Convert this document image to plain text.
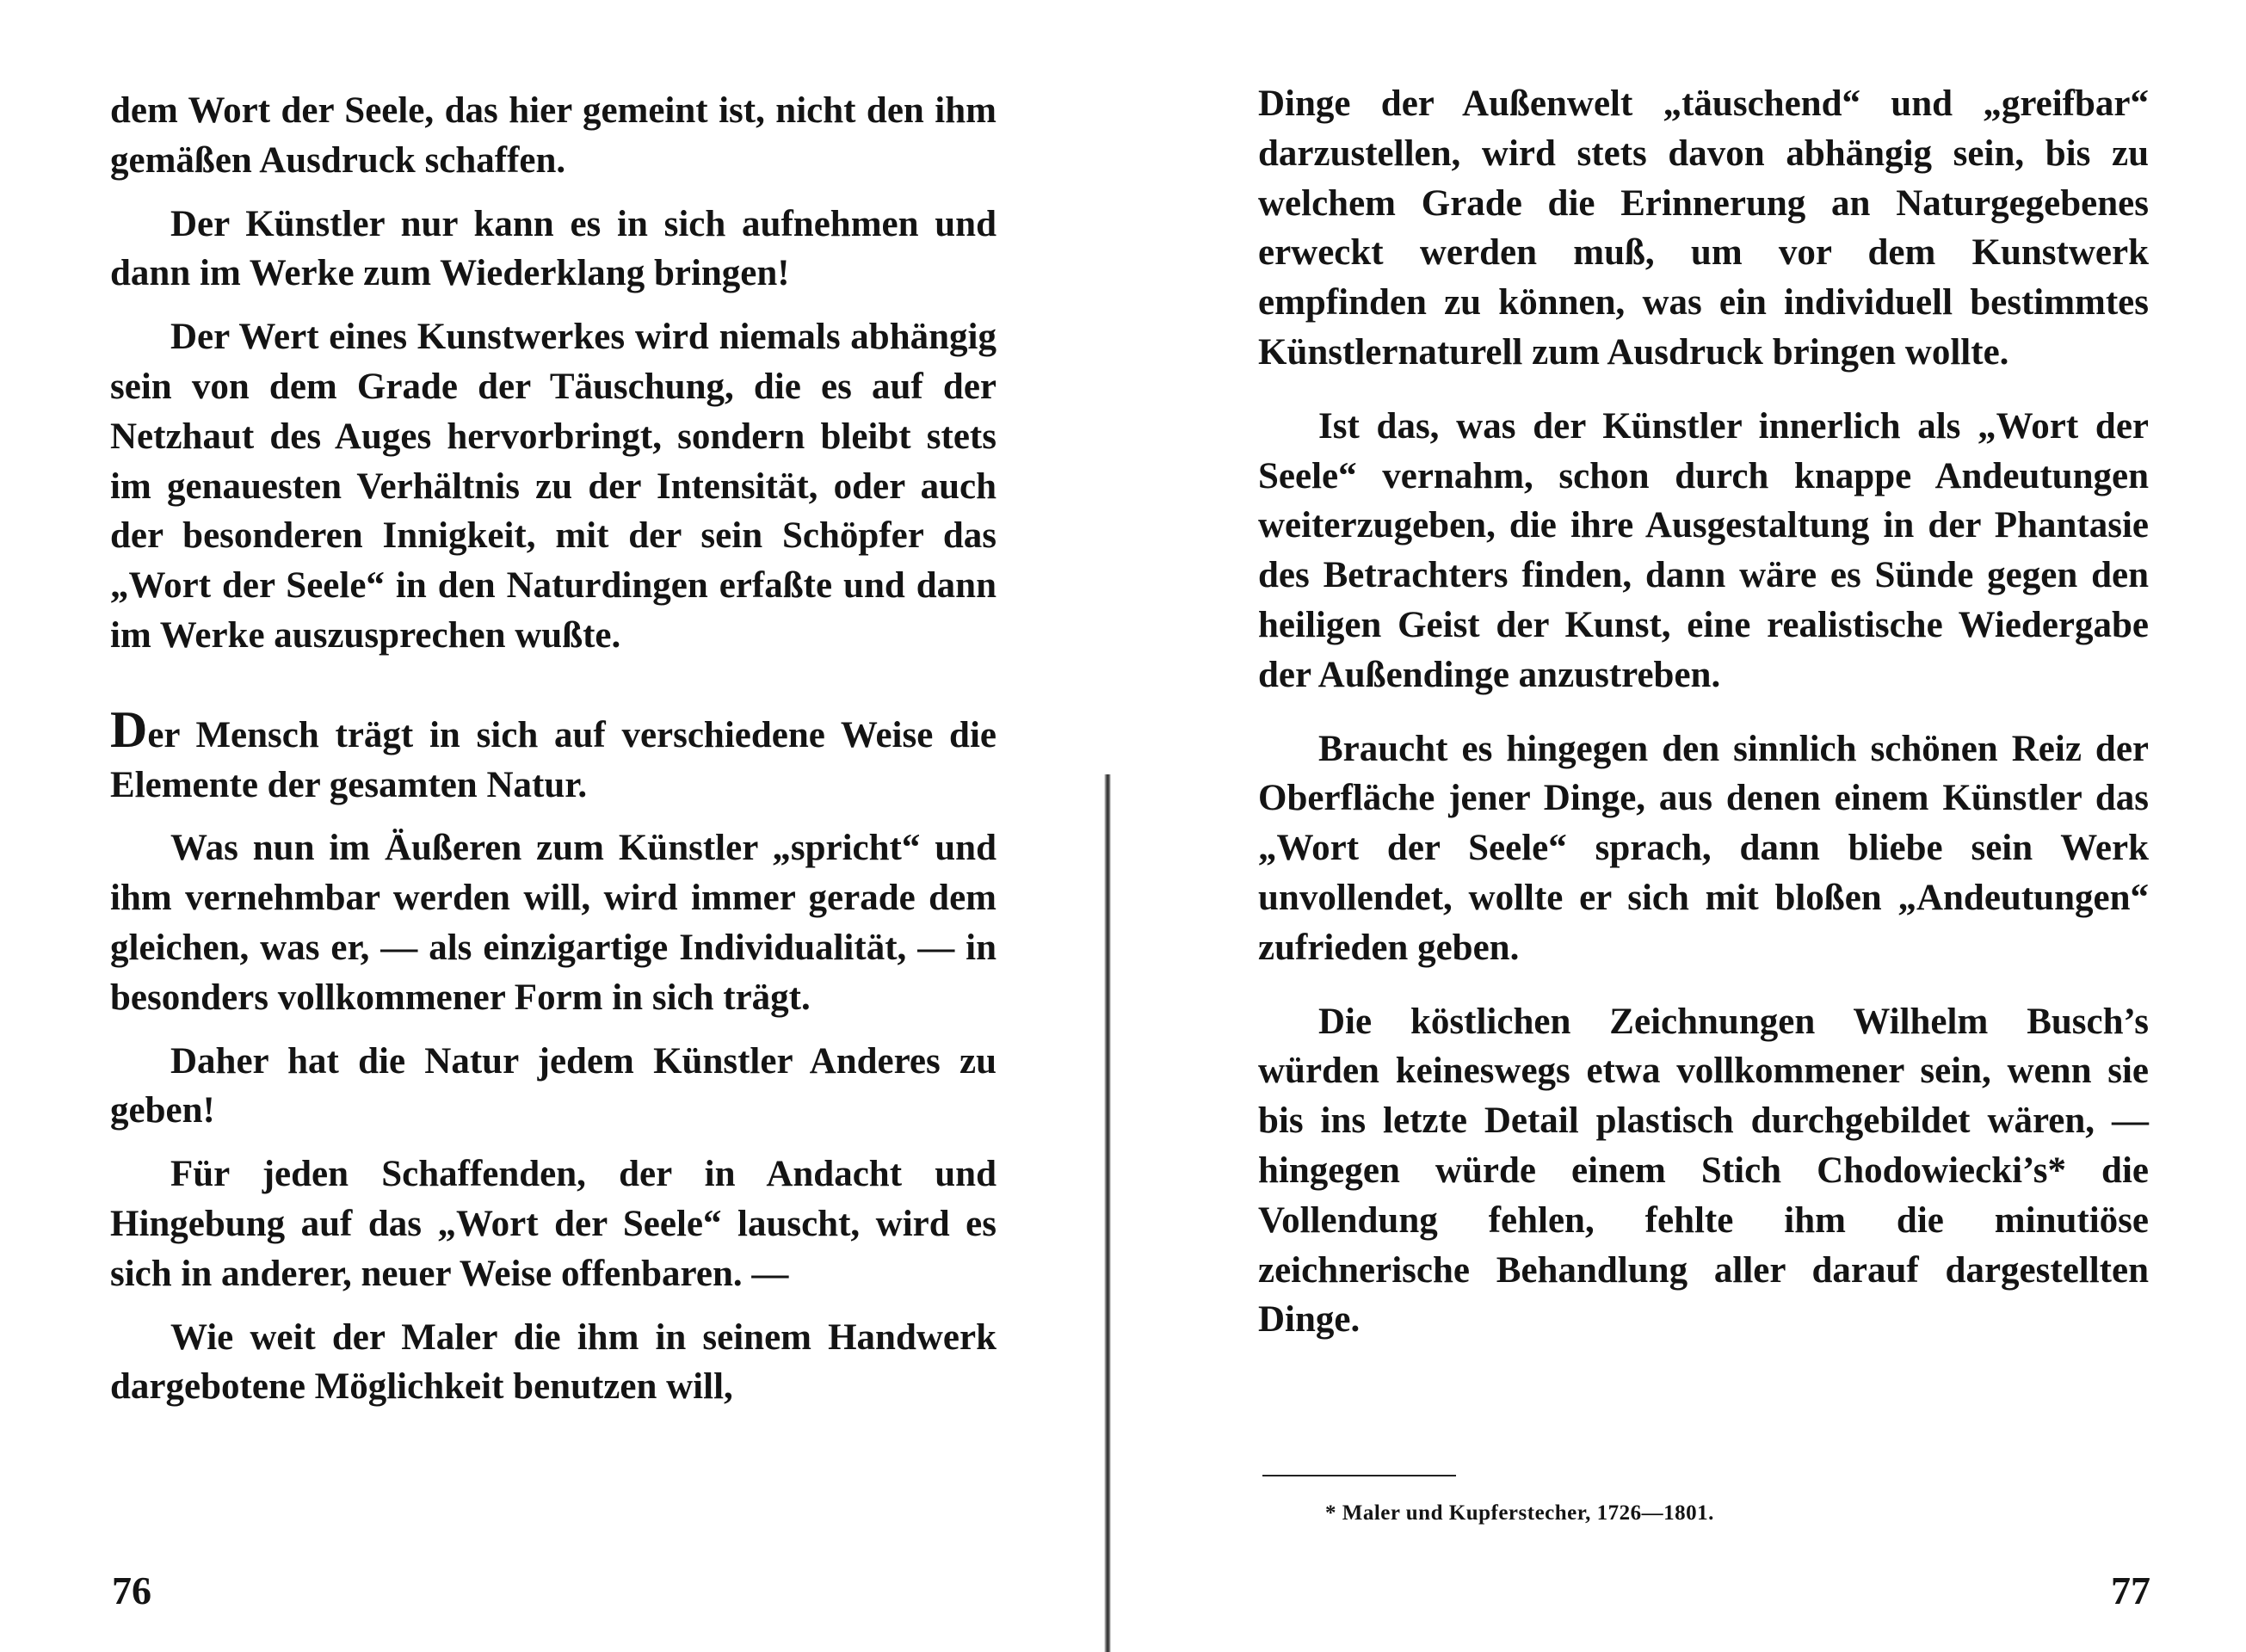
dem Wort der Seele, das hier gemeint ist, nicht den ihm gemäßen Ausdruck schaffen.

Der Künstler nur kann es in sich aufnehmen und dann im Werke zum Wiederklang bringen!

Der Wert eines Kunstwerkes wird niemals abhängig sein von dem Grade der Täuschung, die es auf der Netzhaut des Auges hervorbringt, sondern bleibt stets im genauesten Verhältnis zu der Intensität, oder auch der besonderen Innigkeit, mit der sein Schöpfer das „Wort der Seele“ in den Naturdingen erfaßte und dann im Werke auszusprechen wußte.

Der Mensch trägt in sich auf verschiedene Weise die Elemente der gesamten Natur.

Was nun im Äußeren zum Künstler „spricht“ und ihm vernehmbar werden will, wird immer gerade dem gleichen, was er, — als einzigartige Individualität, — in besonders vollkommener Form in sich trägt.

Daher hat die Natur jedem Künstler Anderes zu geben!

Für jeden Schaffenden, der in Andacht und Hingebung auf das „Wort der Seele“ lauscht, wird es sich in anderer, neuer Weise offenbaren. —

Wie weit der Maler die ihm in seinem Handwerk dargebotene Möglichkeit benutzen will,

76

Dinge der Außenwelt „täuschend“ und „greifbar“ darzustellen, wird stets davon abhängig sein, bis zu welchem Grade die Erinnerung an Naturgegebenes erweckt werden muß, um vor dem Kunstwerk empfinden zu können, was ein individuell bestimmtes Künstlernaturell zum Ausdruck bringen wollte.

Ist das, was der Künstler innerlich als „Wort der Seele“ vernahm, schon durch knappe Andeutungen weiterzugeben, die ihre Ausgestaltung in der Phantasie des Betrachters finden, dann wäre es Sünde gegen den heiligen Geist der Kunst, eine realistische Wiedergabe der Außendinge anzustreben.

Braucht es hingegen den sinnlich schönen Reiz der Oberfläche jener Dinge, aus denen einem Künstler das „Wort der Seele“ sprach, dann bliebe sein Werk unvollendet, wollte er sich mit bloßen „Andeutungen“ zufrieden geben.

Die köstlichen Zeichnungen Wilhelm Busch’s würden keineswegs etwa vollkommener sein, wenn sie bis ins letzte Detail plastisch durchgebildet wären, — hingegen würde einem Stich Chodowiecki’s* die Vollendung fehlen, fehlte ihm die minutiöse zeichnerische Behandlung aller darauf dargestellten Dinge.

77
* Maler und Kupferstecher, 1726—1801.
